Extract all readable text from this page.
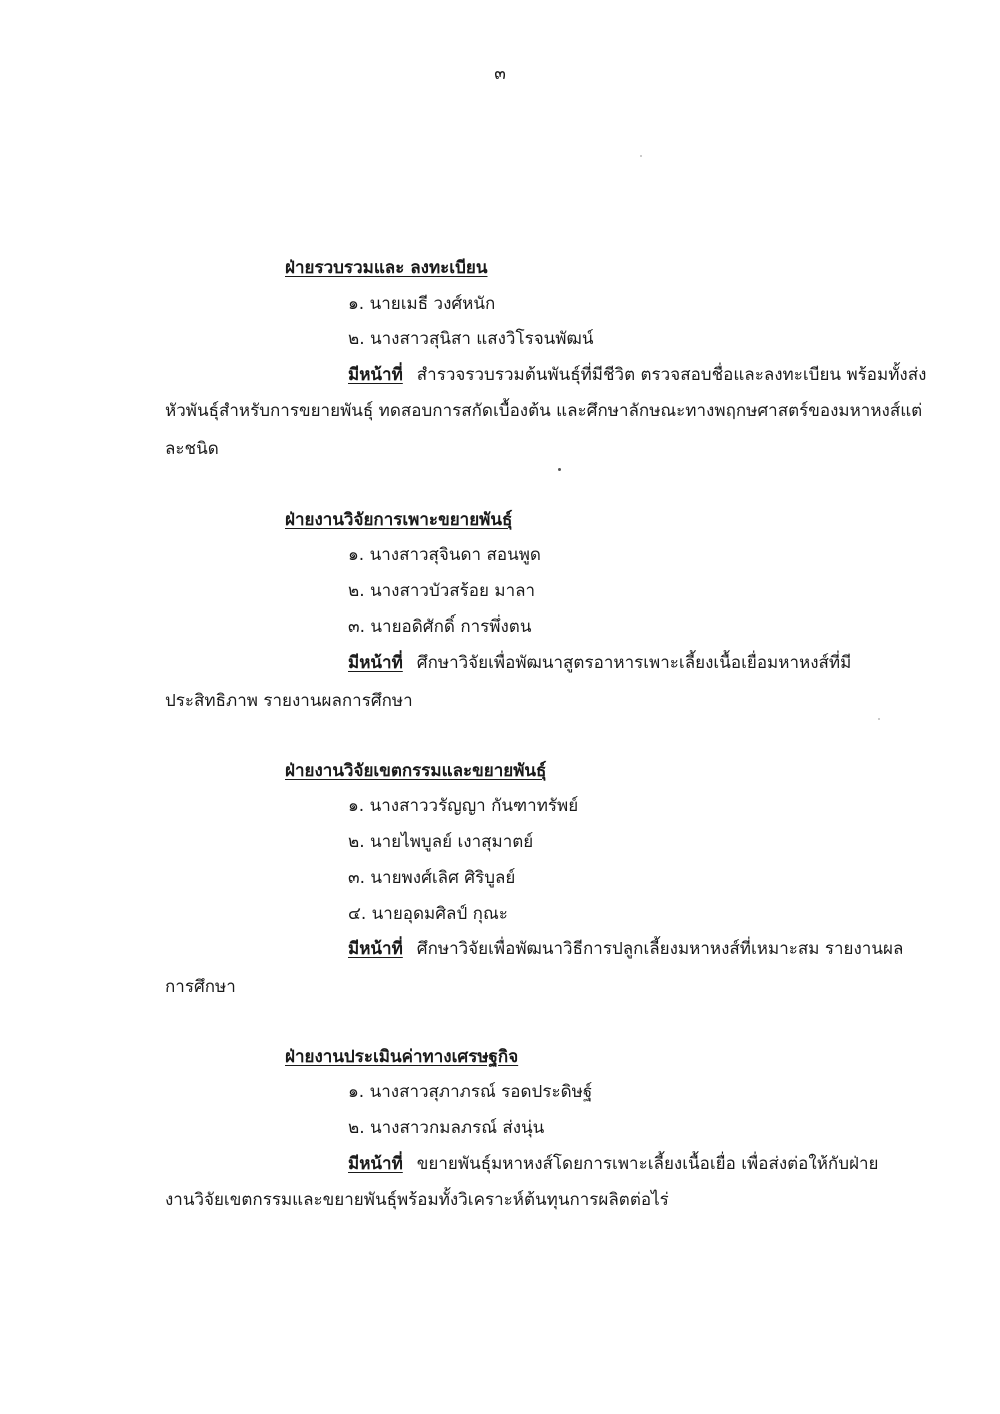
๓
ฝ่ายรวบรวมและ ลงทะเบียน
๑. นายเมธี วงศ์หนัก
๒. นางสาวสุนิสา แสงวิโรจนพัฒน์
มีหน้าที่ สำรวจรวบรวมต้นพันธุ์ที่มีชีวิต ตรวจสอบชื่อและลงทะเบียน พร้อมทั้งส่ง
หัวพันธุ์สำหรับการขยายพันธุ์ ทดสอบการสกัดเบื้องต้น และศึกษาลักษณะทางพฤกษศาสตร์ของมหาหงส์แต่
ละชนิด
ฝ่ายงานวิจัยการเพาะขยายพันธุ์
๑. นางสาวสุจินดา สอนพูด
๒. นางสาวบัวสร้อย มาลา
๓. นายอดิศักดิ์ การพึ่งตน
มีหน้าที่ ศึกษาวิจัยเพื่อพัฒนาสูตรอาหารเพาะเลี้ยงเนื้อเยื่อมหาหงส์ที่มี
ประสิทธิภาพ รายงานผลการศึกษา
ฝ่ายงานวิจัยเขตกรรมและขยายพันธุ์
๑. นางสาววรัญญา กันฑาทรัพย์
๒. นายไพบูลย์ เงาสุมาตย์
๓. นายพงศ์เลิศ ศิริบูลย์
๔. นายอุดมศิลป์ กุณะ
มีหน้าที่ ศึกษาวิจัยเพื่อพัฒนาวิธีการปลูกเลี้ยงมหาหงส์ที่เหมาะสม รายงานผล
การศึกษา
ฝ่ายงานประเมินค่าทางเศรษฐกิจ
๑. นางสาวสุภาภรณ์ รอดประดิษฐ์
๒. นางสาวกมลภรณ์ ส่งนุ่น
มีหน้าที่ ขยายพันธุ์มหาหงส์โดยการเพาะเลี้ยงเนื้อเยื่อ เพื่อส่งต่อให้กับฝ่าย
งานวิจัยเขตกรรมและขยายพันธุ์พร้อมทั้งวิเคราะห์ต้นทุนการผลิตต่อไร่
